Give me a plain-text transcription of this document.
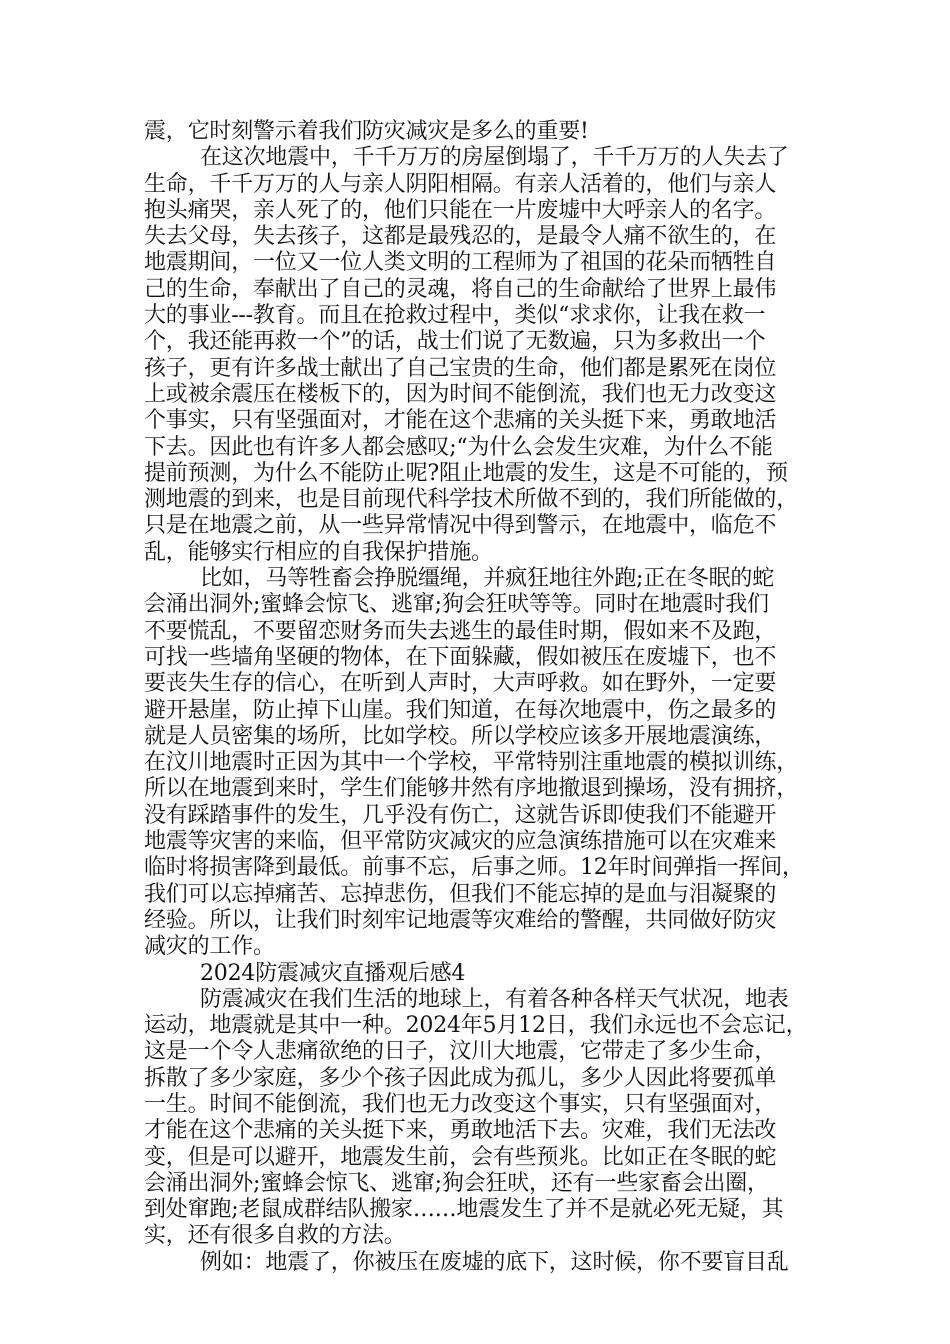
震，它时刻警示着我们防灾减灾是多么的重要!
在这次地震中，千千万万的房屋倒塌了，千千万万的人失去了
生命，千千万万的人与亲人阴阳相隔。有亲人活着的，他们与亲人
抱头痛哭，亲人死了的，他们只能在一片废墟中大呼亲人的名字。
失去父母，失去孩子，这都是最残忍的，是最令人痛不欲生的，在
地震期间，一位又一位人类文明的工程师为了祖国的花朵而牺牲自
己的生命，奉献出了自己的灵魂，将自己的生命献给了世界上最伟
大的事业---教育。而且在抢救过程中，类似“求求你，让我在救一
个，我还能再救一个”的话，战士们说了无数遍，只为多救出一个
孩子，更有许多战士献出了自己宝贵的生命，他们都是累死在岗位
上或被余震压在楼板下的，因为时间不能倒流，我们也无力改变这
个事实，只有坚强面对，才能在这个悲痛的关头挺下来，勇敢地活
下去。因此也有许多人都会感叹;“为什么会发生灾难，为什么不能
提前预测，为什么不能防止呢?阻止地震的发生，这是不可能的，预
测地震的到来，也是目前现代科学技术所做不到的，我们所能做的，
只是在地震之前，从一些异常情况中得到警示，在地震中，临危不
乱，能够实行相应的自我保护措施。
比如，马等牲畜会挣脱缰绳，并疯狂地往外跑;正在冬眠的蛇
会涌出洞外;蜜蜂会惊飞、逃窜;狗会狂吠等等。同时在地震时我们
不要慌乱，不要留恋财务而失去逃生的最佳时期，假如来不及跑，
可找一些墙角坚硬的物体，在下面躲藏，假如被压在废墟下，也不
要丧失生存的信心，在听到人声时，大声呼救。如在野外，一定要
避开悬崖，防止掉下山崖。我们知道，在每次地震中，伤之最多的
就是人员密集的场所，比如学校。所以学校应该多开展地震演练，
在汶川地震时正因为其中一个学校，平常特别注重地震的模拟训练，
所以在地震到来时，学生们能够井然有序地撤退到操场，没有拥挤，
没有踩踏事件的发生，几乎没有伤亡，这就告诉即使我们不能避开
地震等灾害的来临，但平常防灾减灾的应急演练措施可以在灾难来
临时将损害降到最低。前事不忘，后事之师。12年时间弹指一挥间，
我们可以忘掉痛苦、忘掉悲伤，但我们不能忘掉的是血与泪凝聚的
经验。所以，让我们时刻牢记地震等灾难给的警醒，共同做好防灾
减灾的工作。
2024防震减灾直播观后感4
防震减灾在我们生活的地球上，有着各种各样天气状况，地表
运动，地震就是其中一种。2024年5月12日，我们永远也不会忘记，
这是一个令人悲痛欲绝的日子，汶川大地震，它带走了多少生命，
拆散了多少家庭，多少个孩子因此成为孤儿，多少人因此将要孤单
一生。时间不能倒流，我们也无力改变这个事实，只有坚强面对，
才能在这个悲痛的关头挺下来，勇敢地活下去。灾难，我们无法改
变，但是可以避开，地震发生前，会有些预兆。比如正在冬眠的蛇
会涌出洞外;蜜蜂会惊飞、逃窜;狗会狂吠，还有一些家畜会出圈，
到处窜跑;老鼠成群结队搬家……地震发生了并不是就必死无疑，其
实，还有很多自救的方法。
例如：地震了，你被压在废墟的底下，这时候，你不要盲目乱
